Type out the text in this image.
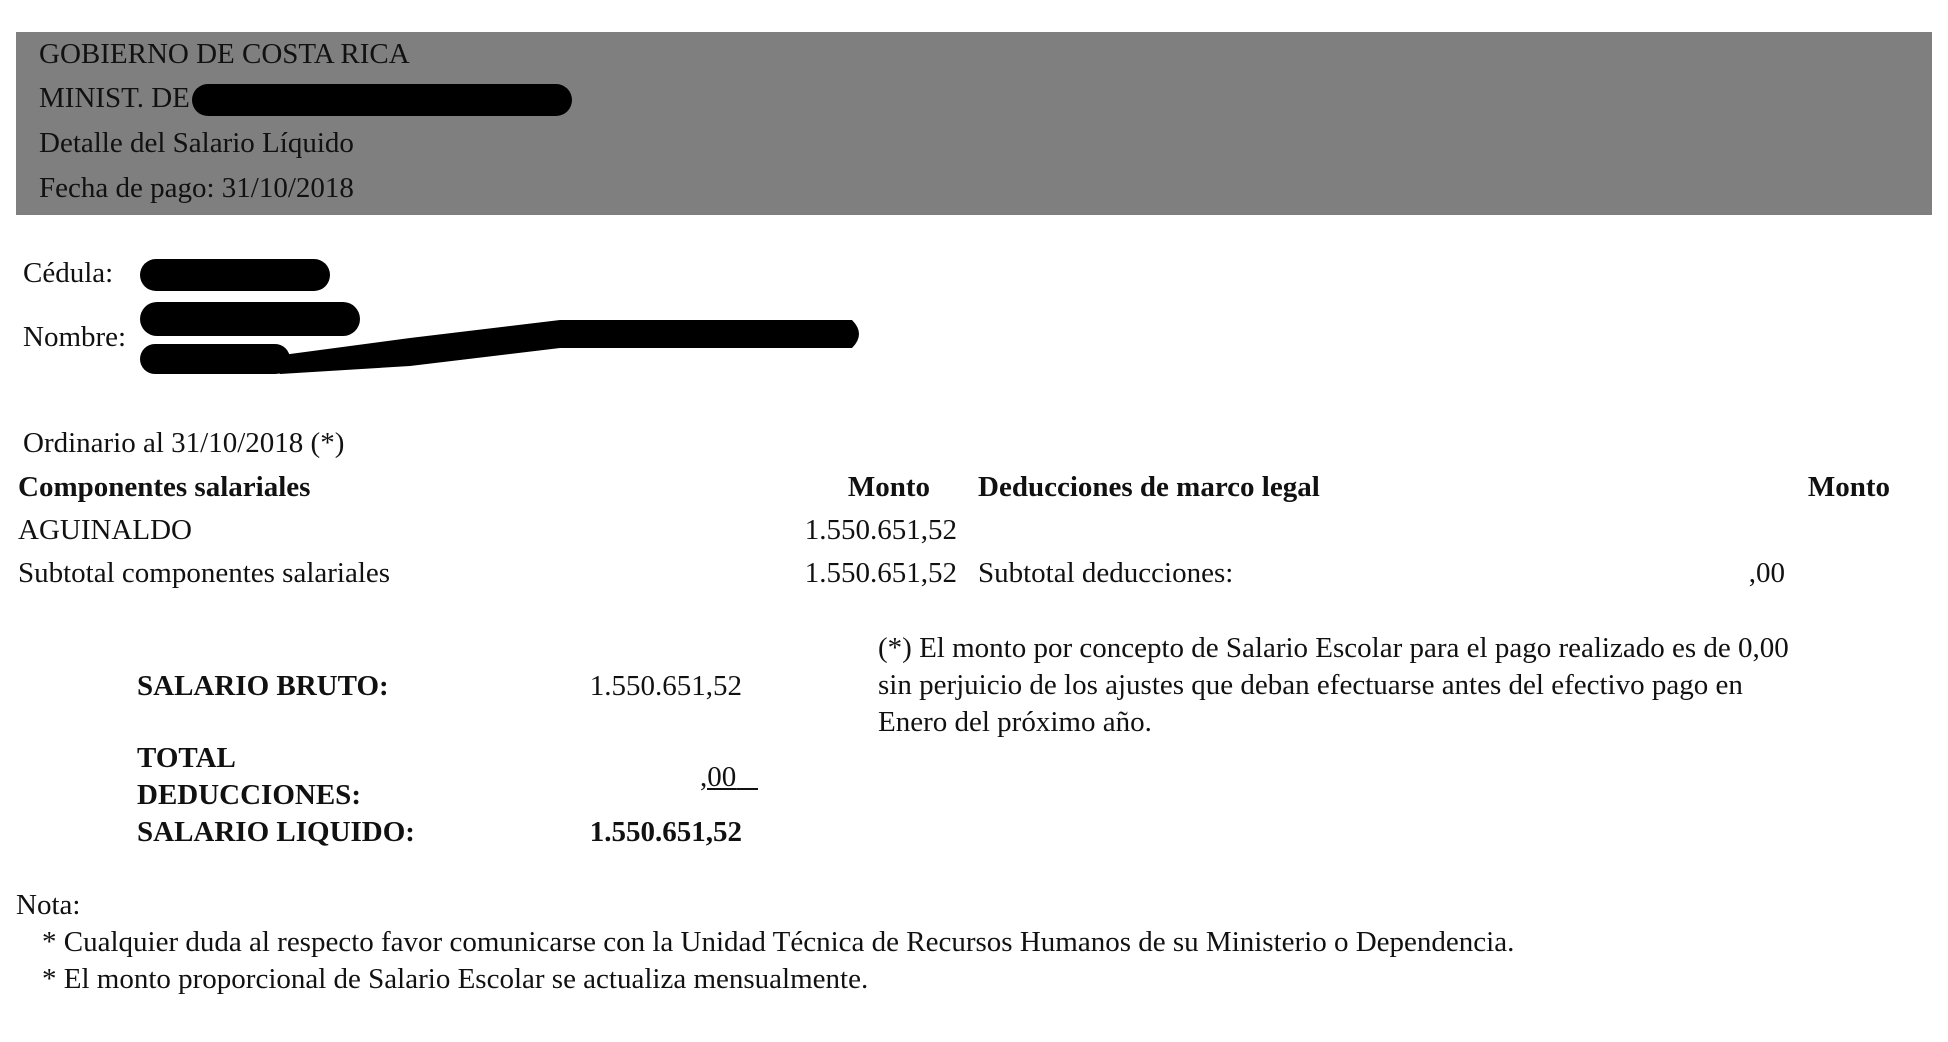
GOBIERNO DE COSTA RICA
MINIST. DE
Detalle del Salario Líquido
Fecha de pago: 31/10/2018
Cédula:
Nombre:
Ordinario al 31/10/2018 (*)
Componentes salariales	Monto Deducciones de marco legal	Monto
AGUINALDO	1.550.651,52
Subtotal componentes salariales	1.550.651,52 Subtotal deducciones:	,00
SALARIO BRUTO:	1.550.651,52
TOTAL
DEDUCCIONES:
,00
SALARIO LIQUIDO:	1.550.651,52
(*) El monto por concepto de Salario Escolar para el pago realizado es de 0,00
sin perjuicio de los ajustes que deban efectuarse antes del efectivo pago en
Enero del próximo año.
Nota:
* Cualquier duda al respecto favor comunicarse con la Unidad Técnica de Recursos Humanos de su Ministerio o Dependencia.
* El monto proporcional de Salario Escolar se actualiza mensualmente.
